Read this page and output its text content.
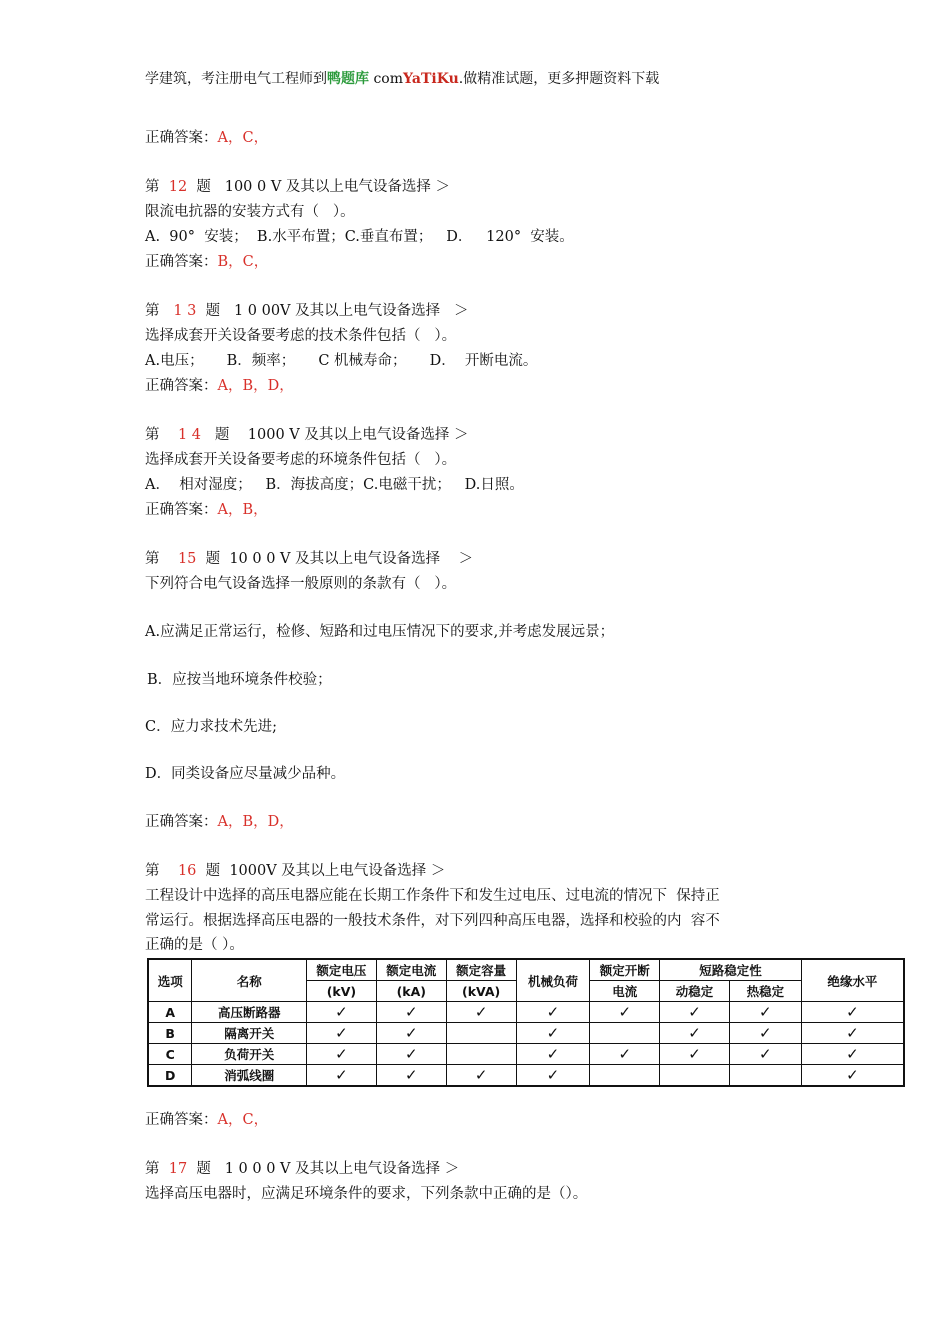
学建筑，考注册电气工程师到鸭题库 comYaTiKu.做精准试题，更多押题资料下载
正确答案：A，C，
第  12  题   100 0 V 及其以上电气设备选择 ＞
限流电抗器的安装方式有（   ）。
A.  90°  安装；  B.水平布置；C.垂直布置；   D．   120°  安装。
正确答案：B，C，
第   1 3  题   1 0 00V 及其以上电气设备选择   ＞
选择成套开关设备要考虑的技术条件包括（   ）。
A.电压；     B．频率；     C 机械寿命；     D．  开断电流。
正确答案：A，B，D，
第    1 4   题    1000 V 及其以上电气设备选择 ＞
选择成套开关设备要考虑的环境条件包括（   ）。
A．  相对湿度；   B．海拔高度；C.电磁干扰；   D.日照。
正确答案：A，B，
第    15  题  10 0 0 V 及其以上电气设备选择    ＞
下列符合电气设备选择一般原则的条款有（   ）。
A.应满足正常运行，检修、短路和过电压情况下的要求,并考虑发展远景；
B．应按当地环境条件校验；
C．应力求技术先进;
D．同类设备应尽量减少品种。
正确答案：A，B，D，
第    16  题  1000V 及其以上电气设备选择 ＞
工程设计中选择的高压电器应能在长期工作条件下和发生过电压、过电流的情况下  保持正
常运行。根据选择高压电器的一般技术条件，对下列四种高压电器，选择和校验的内  容不
正确的是（ ）。
选项	名称	额定电压	额定电流	额定容量	机械负荷	额定开断	短路稳定性		绝缘水平
		(kV)	(kA)	(kVA)		电流	动稳定	热稳定	
A	高压断路器	✓	✓	✓	✓	✓	✓	✓	✓
B	隔离开关	✓	✓		✓		✓	✓	✓
C	负荷开关	✓	✓		✓	✓	✓	✓	✓
D	消弧线圈	✓	✓	✓	✓				✓
正确答案：A，C，
第  17  题   1 0 0 0 V 及其以上电气设备选择 ＞
选择高压电器时，应满足环境条件的要求，下列条款中正确的是（）。
